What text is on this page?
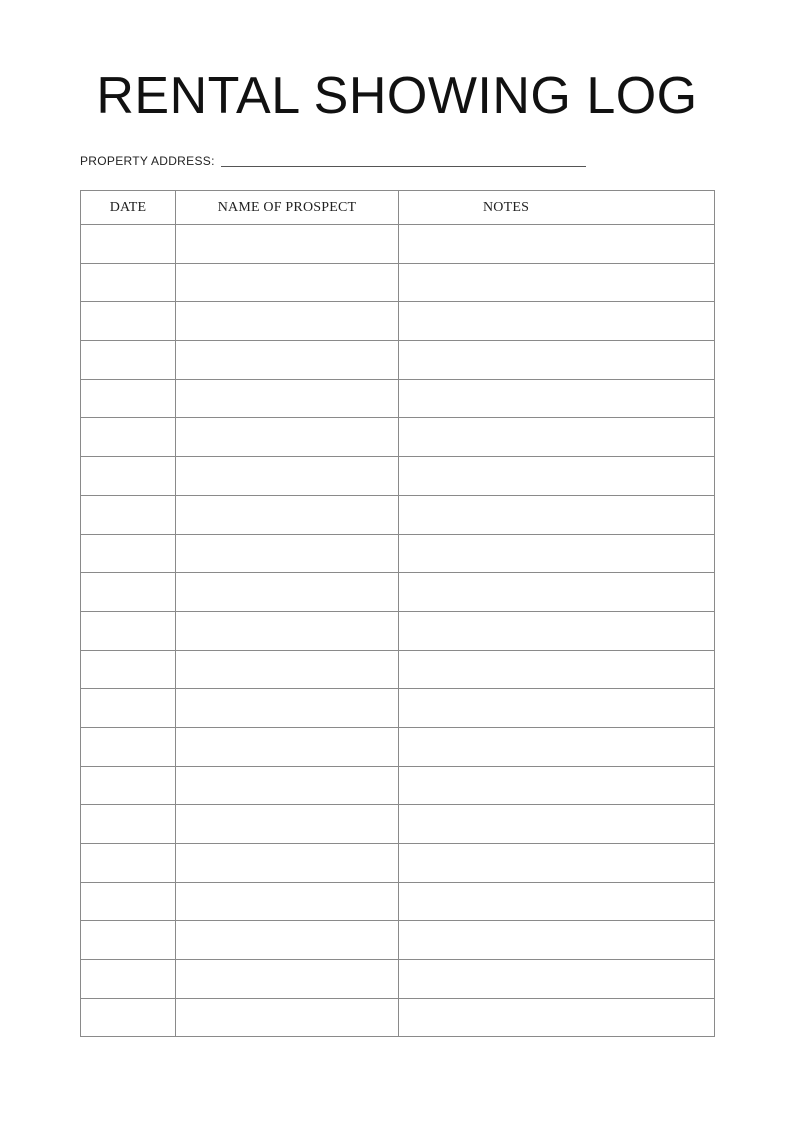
RENTAL SHOWING LOG
PROPERTY ADDRESS:
DATE	NAME OF PROSPECT	NOTES
